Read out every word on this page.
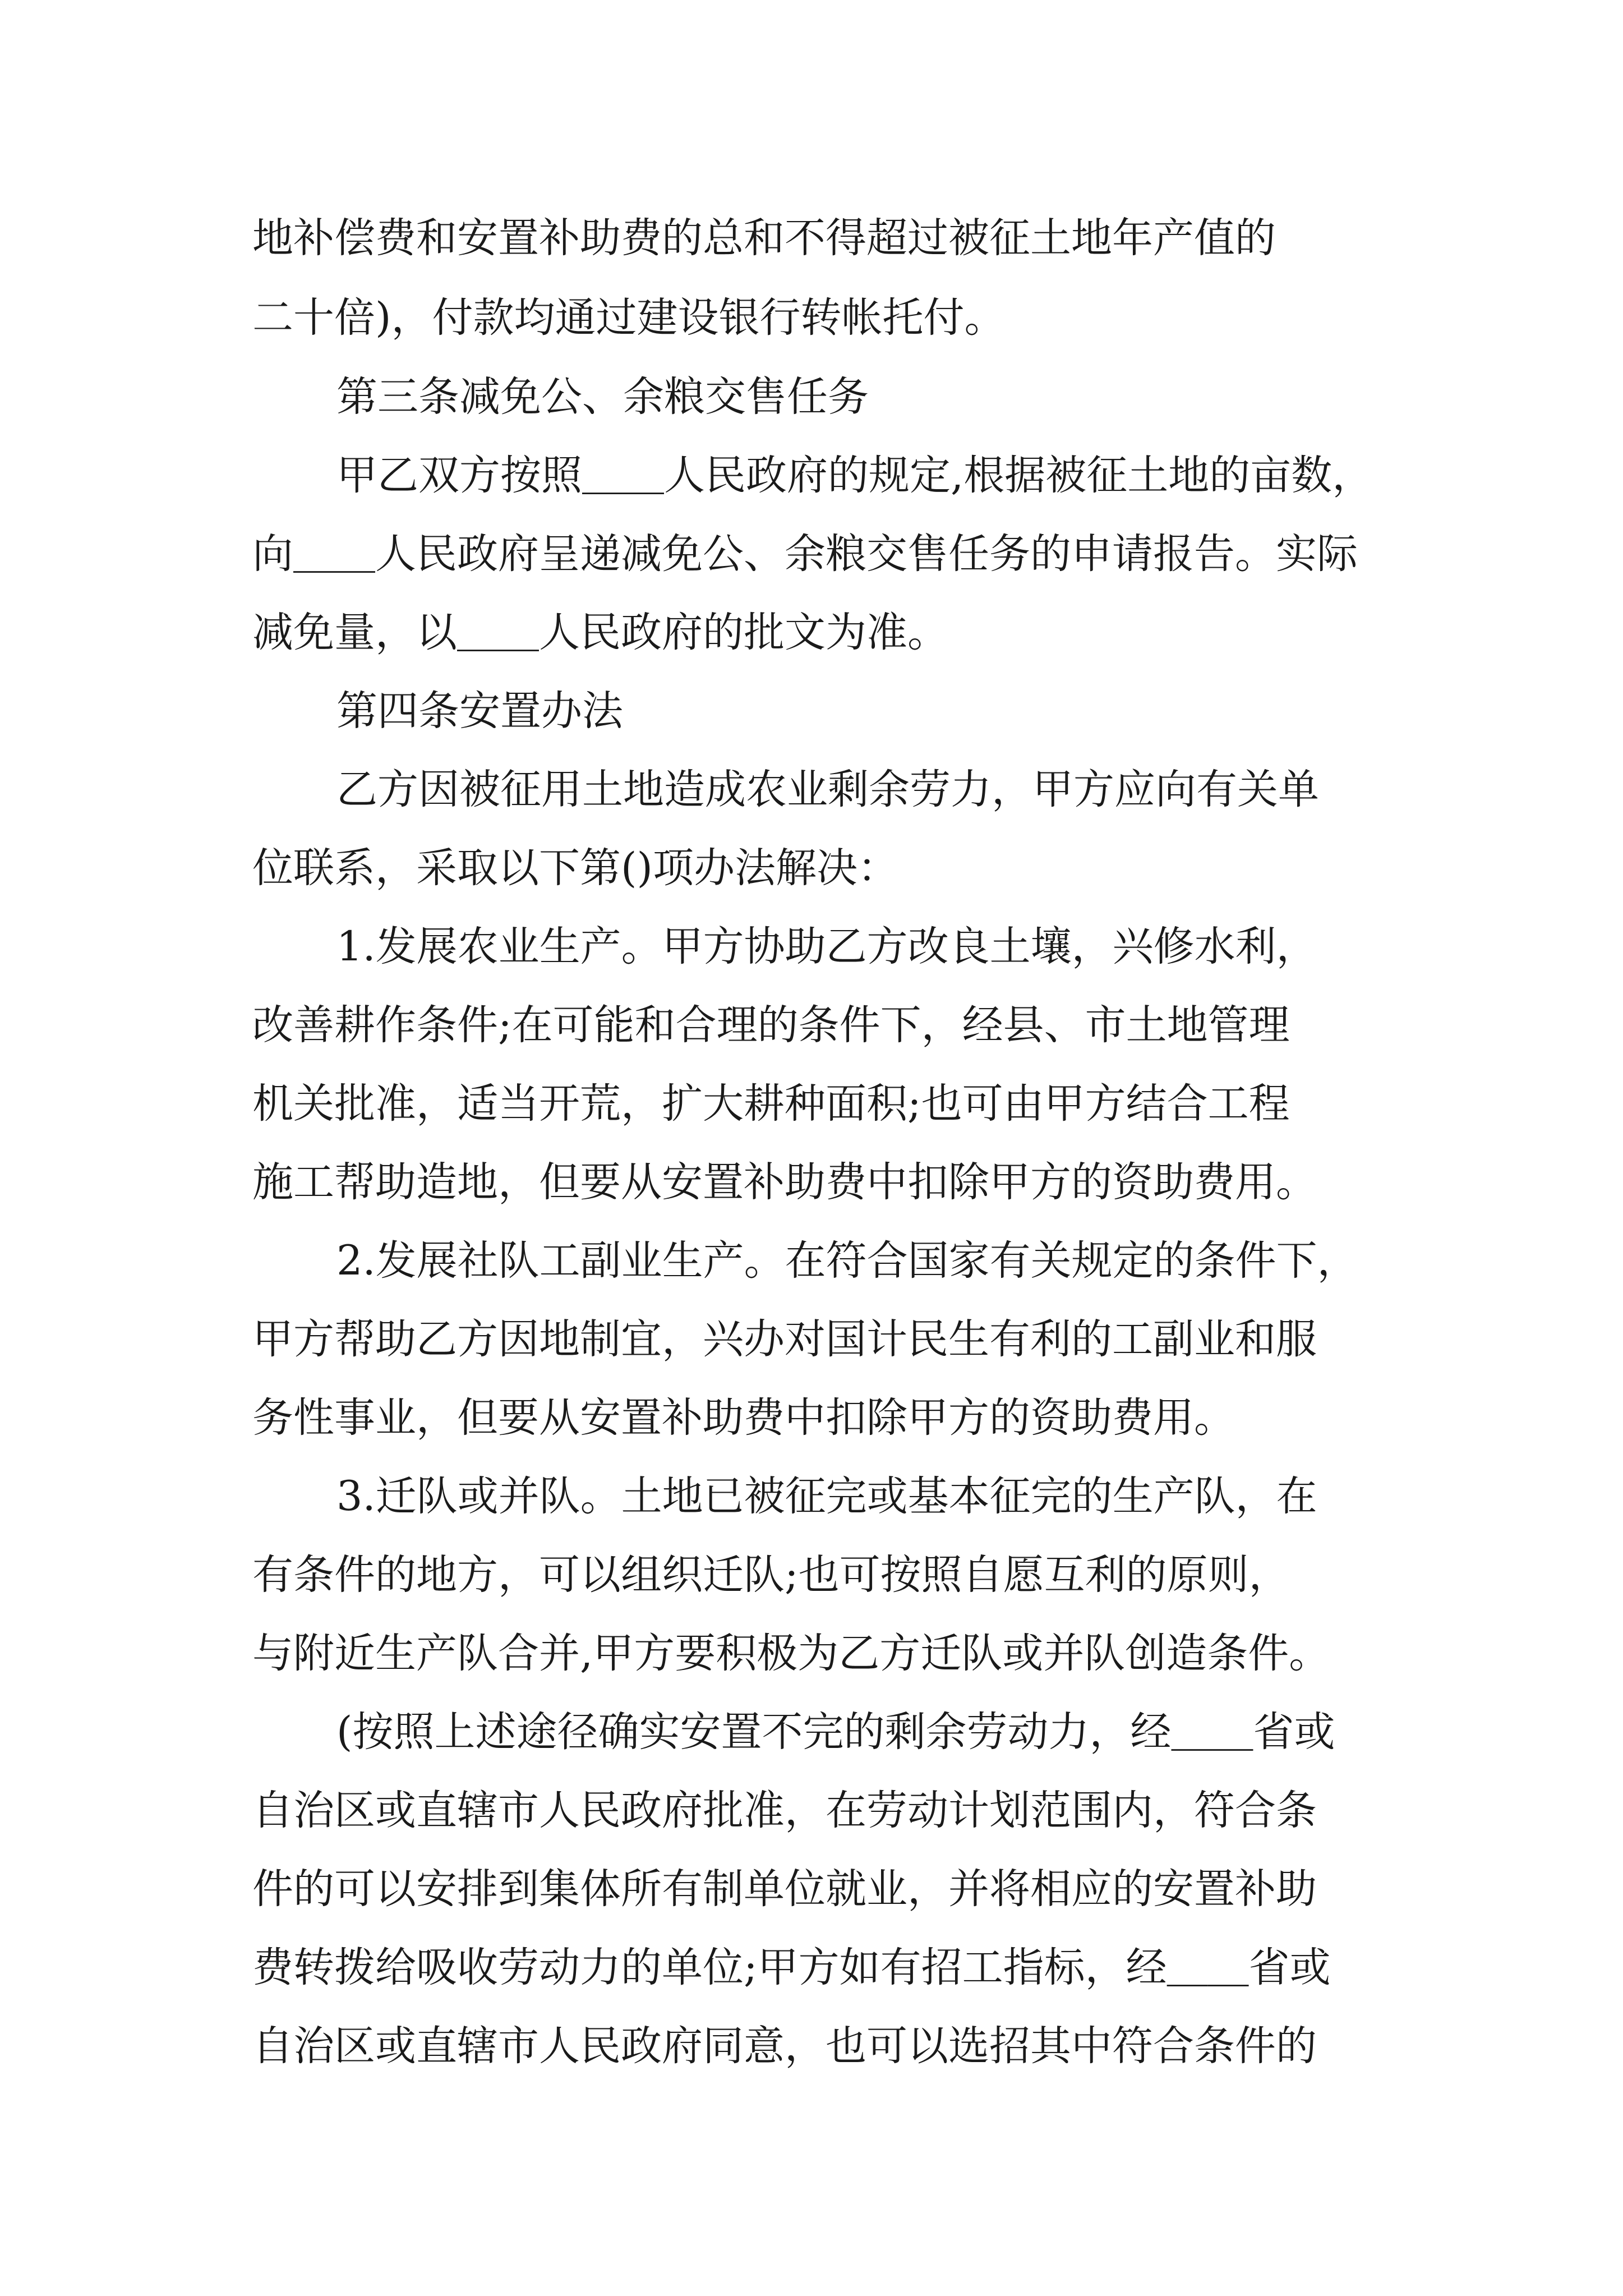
地补偿费和安置补助费的总和不得超过被征土地年产值的
二十倍)，付款均通过建设银行转帐托付。
第三条减免公、余粮交售任务
甲乙双方按照＿＿人民政府的规定,根据被征土地的亩数，
向＿＿人民政府呈递减免公、余粮交售任务的申请报告。实际
减免量，以＿＿人民政府的批文为准。
第四条安置办法
乙方因被征用土地造成农业剩余劳力，甲方应向有关单
位联系，采取以下第()项办法解决：
1.发展农业生产。甲方协助乙方改良土壤，兴修水利，
改善耕作条件;在可能和合理的条件下，经县、市土地管理
机关批准，适当开荒，扩大耕种面积;也可由甲方结合工程
施工帮助造地，但要从安置补助费中扣除甲方的资助费用。
2.发展社队工副业生产。在符合国家有关规定的条件下，
甲方帮助乙方因地制宜，兴办对国计民生有利的工副业和服
务性事业，但要从安置补助费中扣除甲方的资助费用。
3.迁队或并队。土地已被征完或基本征完的生产队，在
有条件的地方，可以组织迁队;也可按照自愿互利的原则，
与附近生产队合并,甲方要积极为乙方迁队或并队创造条件。
(按照上述途径确实安置不完的剩余劳动力，经＿＿省或
自治区或直辖市人民政府批准，在劳动计划范围内，符合条
件的可以安排到集体所有制单位就业，并将相应的安置补助
费转拨给吸收劳动力的单位;甲方如有招工指标，经＿＿省或
自治区或直辖市人民政府同意，也可以选招其中符合条件的
